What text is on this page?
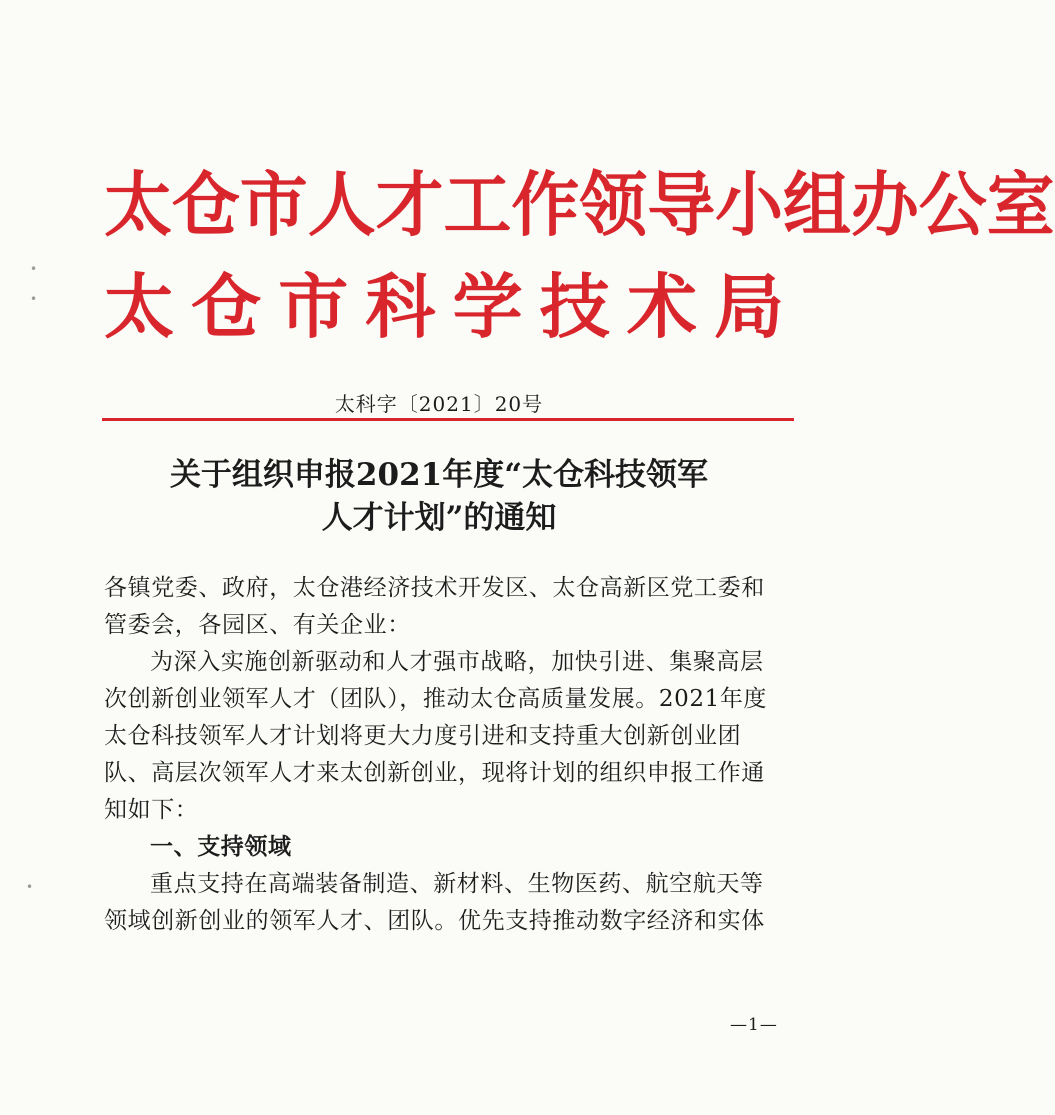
太仓市人才工作领导小组办公室
太 仓 市 科 学 技 术 局
太科字〔2021〕20号
关于组织申报2021年度“太仓科技领军
人才计划”的通知

各镇党委、政府，太仓港经济技术开发区、太仓高新区党工委和管委会，各园区、有关企业：

为深入实施创新驱动和人才强市战略，加快引进、集聚高层次创新创业领军人才（团队），推动太仓高质量发展。2021年度太仓科技领军人才计划将更大力度引进和支持重大创新创业团队、高层次领军人才来太创新创业，现将计划的组织申报工作通知如下：

一、支持领域

重点支持在高端装备制造、新材料、生物医药、航空航天等领域创新创业的领军人才、团队。优先支持推动数字经济和实体

—1—
•
•
•
